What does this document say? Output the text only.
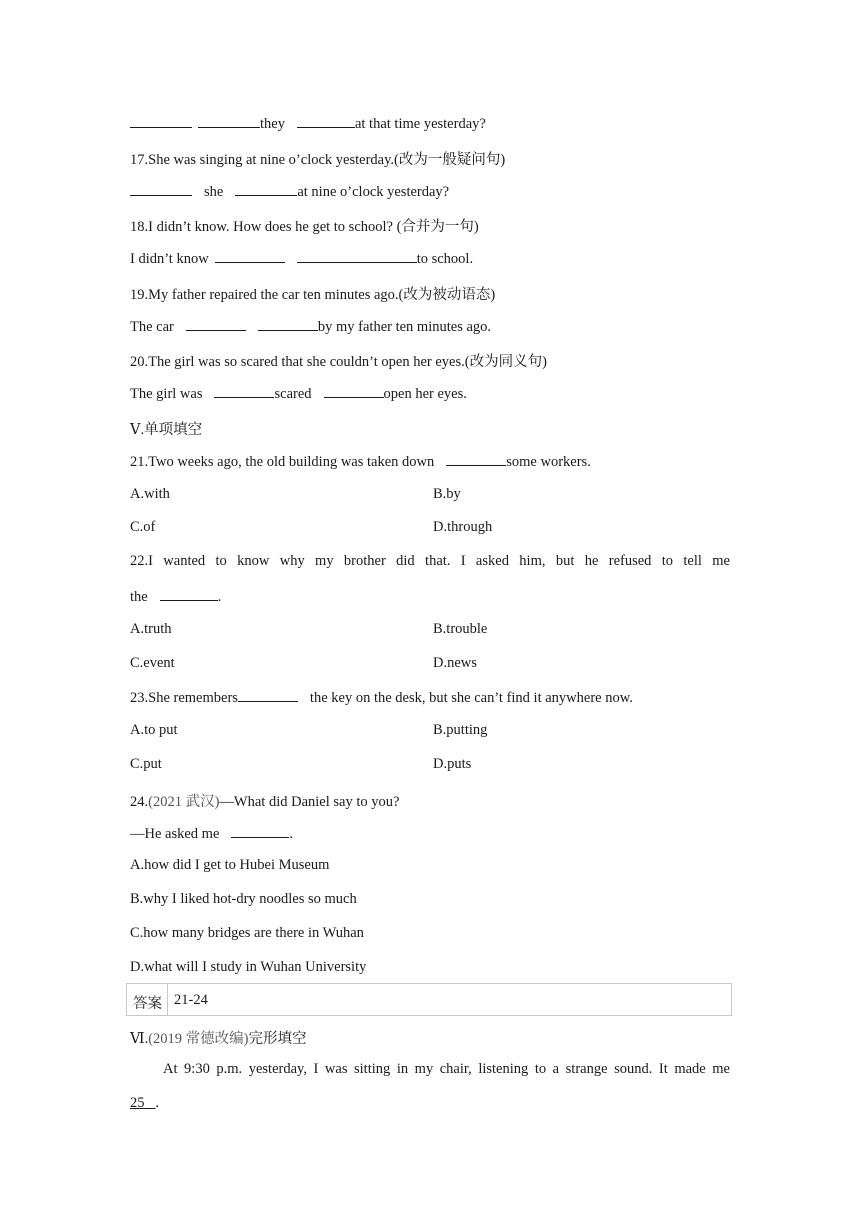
they	at that time yesterday?
17.She was singing at nine o’clock yesterday.(改为一般疑问句)
she	at nine o’clock yesterday?
18.I didn’t know. How does he get to school? (合并为一句)
I didn’t know	to school.
19.My father repaired the car ten minutes ago.(改为被动语态)
The car	by my father ten minutes ago.
20.The girl was so scared that she couldn’t open her eyes.(改为同义句)
The girl was	scared	open her eyes.
Ⅴ.单项填空
21.Two weeks ago, the old building was taken down	some workers.
A.with	B.by
C.of	D.through
22.I wanted to know why my brother did that. I asked him, but he refused to tell me
the	.
A.truth	B.trouble
C.event	D.news
23.She remembers	the key on the desk, but she can’t find it anywhere now.
A.to put	B.putting
C.put	D.puts
24.(2021 武汉)—What did Daniel say to you?
—He asked me	.
A.how did I get to Hubei Museum
B.why I liked hot-dry noodles so much
C.how many bridges are there in Wuhan
D.what will I study in Wuhan University
答案 21-24
Ⅵ.(2019 常德改编)完形填空
At 9:30 p.m. yesterday, I was sitting in my chair, listening to a strange sound. It made me
25 .
